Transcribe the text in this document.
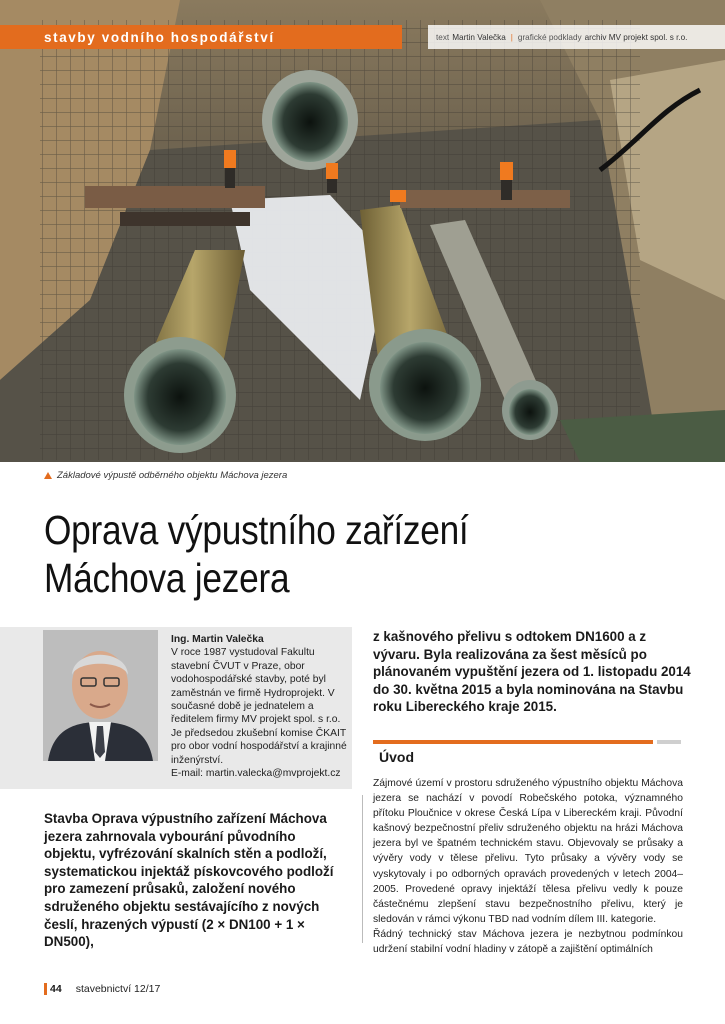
stavby vodního hospodářství	text Martin Valečka | grafické podklady archiv MV projekt spol. s r.o.
Základové výpustě odběrného objektu Máchova jezera
Oprava výpustního zařízení
Máchova jezera
Ing. Martin Valečka
V roce 1987 vystudoval Fakultu stavební ČVUT v Praze, obor vodohospodářské stavby, poté byl zaměstnán ve firmě Hydroprojekt. V současné době je jednatelem a ředitelem firmy MV projekt spol. s r.o. Je předsedou zkušební komise ČKAIT pro obor vodní hospodářství a krajinné inženýrství.
E-mail: martin.valecka@mvprojekt.cz
z kašnového přelivu s odtokem DN1600 a z vývaru. Byla realizována za šest měsíců po plánovaném vypuštění jezera od 1. listopadu 2014 do 30. května 2015 a byla nominována na Stavbu roku Libereckého kraje 2015.
Stavba Oprava výpustního zařízení Máchova jezera zahrnovala vybourání původního objektu, vyfrézování skalních stěn a podloží, systematickou injektáž pískovcového podloží pro zamezení průsaků, založení nového sdruženého objektu sestávajícího z nových česlí, hrazených výpustí (2 × DN100 + 1 × DN500),
Úvod

Zájmové území v prostoru sdruženého výpustního objektu Máchova jezera se nachází v povodí Robečského potoka, významného přítoku Ploučnice v okrese Česká Lípa v Libereckém kraji. Původní kašnový bezpečnostní přeliv sdruženého objektu na hrázi Máchova jezera byl ve špatném technickém stavu. Objevovaly se průsaky a vývěry vody v tělese přelivu. Tyto průsaky a vývěry vody se vyskytovaly i po odborných opravách provedených v letech 2004–2005. Provedené opravy injektáží tělesa přelivu vedly k pouze částečnému zlepšení stavu bezpečnostního přelivu, který je sledován v rámci výkonu TBD nad vodním dílem III. kategorie.

Řádný technický stav Máchova jezera je nezbytnou podmínkou udržení stabilní vodní hladiny v zátopě a zajištění optimálních

44 stavebnictví 12/17
